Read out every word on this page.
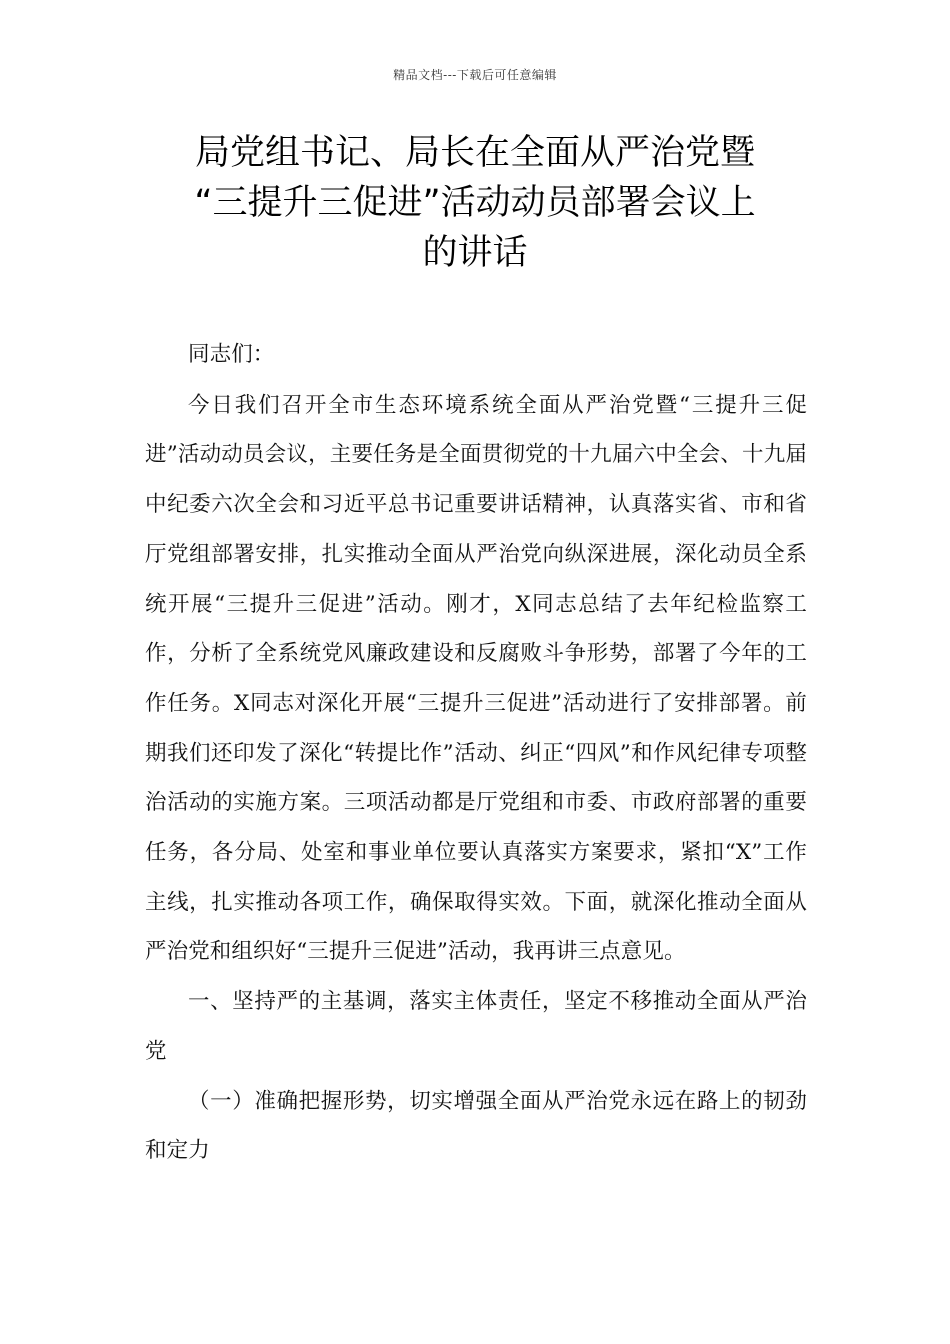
精品文档---下载后可任意编辑
局党组书记、局长在全面从严治党暨
“三提升三促进”活动动员部署会议上
的讲话

同志们：

今日我们召开全市生态环境系统全面从严治党暨“三提升三促进”活动动员会议，主要任务是全面贯彻党的十九届六中全会、十九届中纪委六次全会和习近平总书记重要讲话精神，认真落实省、市和省厅党组部署安排，扎实推动全面从严治党向纵深进展，深化动员全系统开展“三提升三促进”活动。刚才，X同志总结了去年纪检监察工作，分析了全系统党风廉政建设和反腐败斗争形势，部署了今年的工作任务。X同志对深化开展“三提升三促进”活动进行了安排部署。前期我们还印发了深化“转提比作”活动、纠正“四风”和作风纪律专项整治活动的实施方案。三项活动都是厅党组和市委、市政府部署的重要任务，各分局、处室和事业单位要认真落实方案要求，紧扣“X”工作主线，扎实推动各项工作，确保取得实效。下面，就深化推动全面从严治党和组织好“三提升三促进”活动，我再讲三点意见。

一、坚持严的主基调，落实主体责任，坚定不移推动全面从严治党

（一）准确把握形势，切实增强全面从严治党永远在路上的韧劲和定力
